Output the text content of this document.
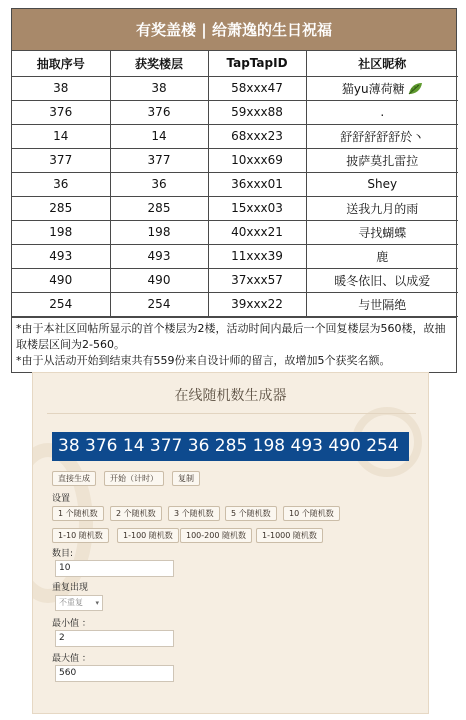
有奖盖楼 | 给萧逸的生日祝福
抽取序号	获奖楼层	TapTapID	社区昵称
38	38	58xxx47	猫yu薄荷糖
376	376	59xxx88	.
14	14	68xxx23	舒舒舒舒舒於丶
377	377	10xxx69	披萨莫扎雷拉
36	36	36xxx01	Shey
285	285	15xxx03	送我九月的雨
198	198	40xxx21	寻找蝴蝶
493	493	11xxx39	鹿
490	490	37xxx57	暖冬依旧、以成爱
254	254	39xxx22	与世隔绝

*由于本社区回帖所显示的首个楼层为2楼，活动时间内最后一个回复楼层为560楼，故抽取楼层区间为2-560。

*由于从活动开始到结束共有559份来自设计师的留言，故增加5个获奖名额。

在线随机数生成器
38 376 14 377 36 285 198 493 490 254
直接生成	开始（计时）	复制
设置
1 个随机数	2 个随机数	3 个随机数	5 个随机数	10 个随机数
1-10 随机数	1-100 随机数	100-200 随机数	1-1000 随机数
数目:
10
重复出现
不重复 ▾
最小值 ：
2
最大值 ：
560
